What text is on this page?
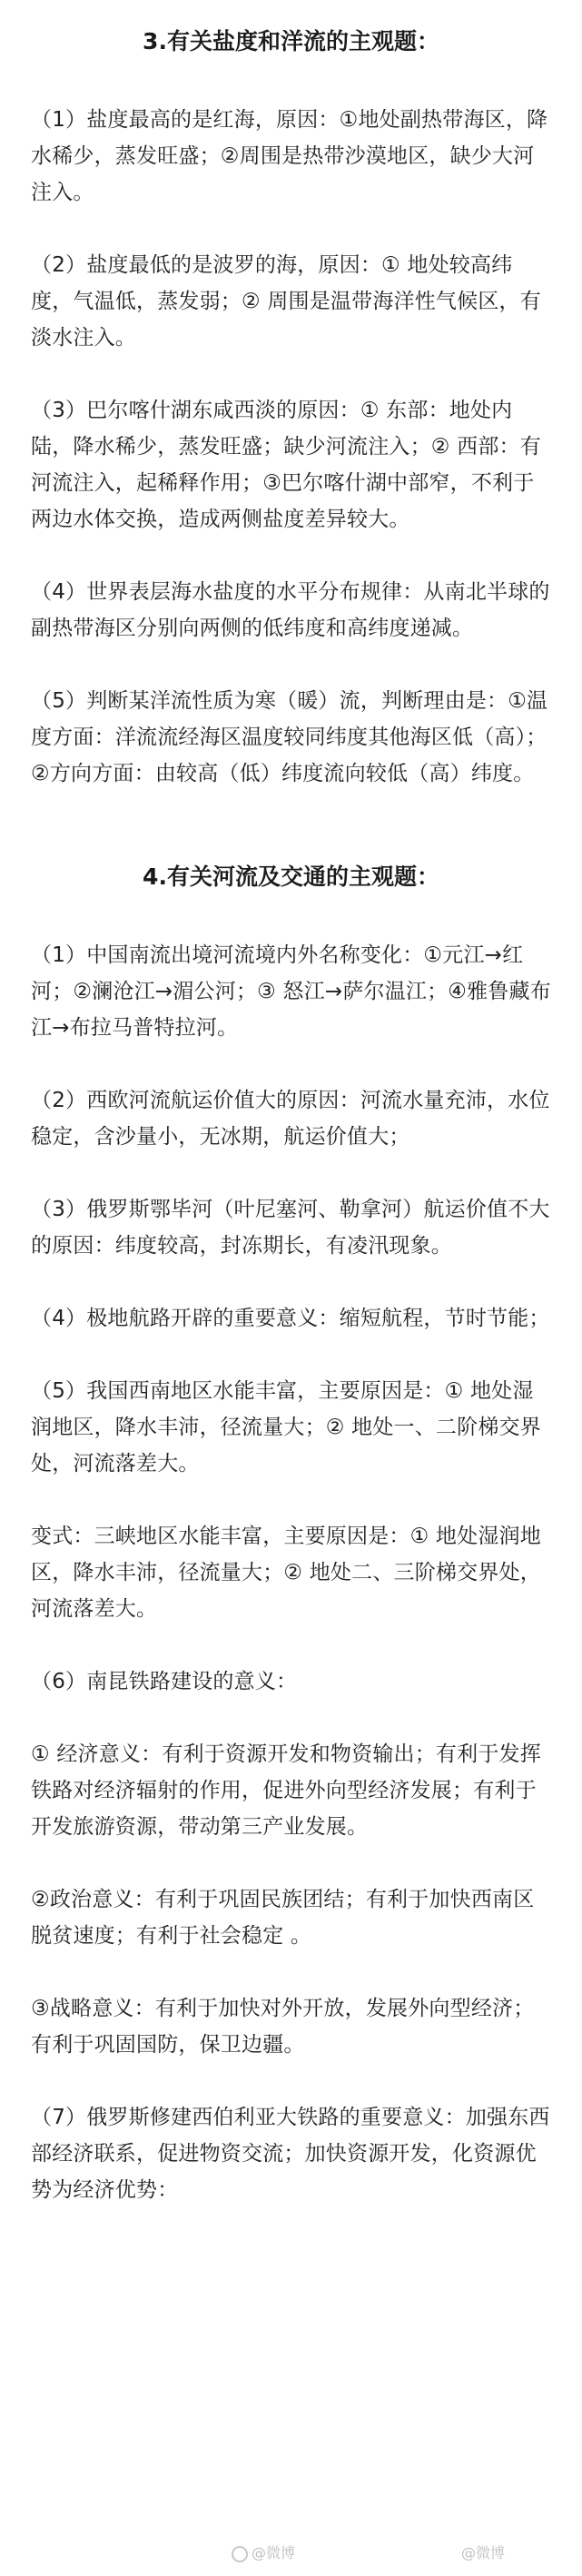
3.有关盐度和洋流的主观题：

（1）盐度最高的是红海，原因：①地处副热带海区，降水稀少，蒸发旺盛；②周围是热带沙漠地区，缺少大河注入。

（2）盐度最低的是波罗的海，原因：① 地处较高纬度，气温低，蒸发弱；② 周围是温带海洋性气候区，有淡水注入。

（3）巴尔喀什湖东咸西淡的原因：① 东部：地处内陆，降水稀少，蒸发旺盛；缺少河流注入；② 西部：有河流注入，起稀释作用；③巴尔喀什湖中部窄，不利于两边水体交换，造成两侧盐度差异较大。

（4）世界表层海水盐度的水平分布规律：从南北半球的副热带海区分别向两侧的低纬度和高纬度递减。

（5）判断某洋流性质为寒（暖）流，判断理由是：①温度方面：洋流流经海区温度较同纬度其他海区低（高）；②方向方面：由较高（低）纬度流向较低（高）纬度。

4.有关河流及交通的主观题：

（1）中国南流出境河流境内外名称变化：①元江→红河；②澜沧江→湄公河；③ 怒江→萨尔温江；④雅鲁藏布江→布拉马普特拉河。

（2）西欧河流航运价值大的原因：河流水量充沛，水位稳定，含沙量小，无冰期，航运价值大；

（3）俄罗斯鄂毕河（叶尼塞河、勒拿河）航运价值不大的原因：纬度较高，封冻期长，有凌汛现象。

（4）极地航路开辟的重要意义：缩短航程，节时节能；

（5）我国西南地区水能丰富，主要原因是：① 地处湿润地区，降水丰沛，径流量大；② 地处一、二阶梯交界处，河流落差大。

变式：三峡地区水能丰富，主要原因是：① 地处湿润地区，降水丰沛，径流量大；② 地处二、三阶梯交界处，河流落差大。

（6）南昆铁路建设的意义：

① 经济意义：有利于资源开发和物资输出；有利于发挥铁路对经济辐射的作用，促进外向型经济发展；有利于开发旅游资源，带动第三产业发展。

②政治意义：有利于巩固民族团结；有利于加快西南区脱贫速度；有利于社会稳定 。

③战略意义：有利于加快对外开放，发展外向型经济；有利于巩固国防，保卫边疆。

（7）俄罗斯修建西伯利亚大铁路的重要意义：加强东西部经济联系，促进物资交流；加快资源开发，化资源优势为经济优势：

@微博	@微博
